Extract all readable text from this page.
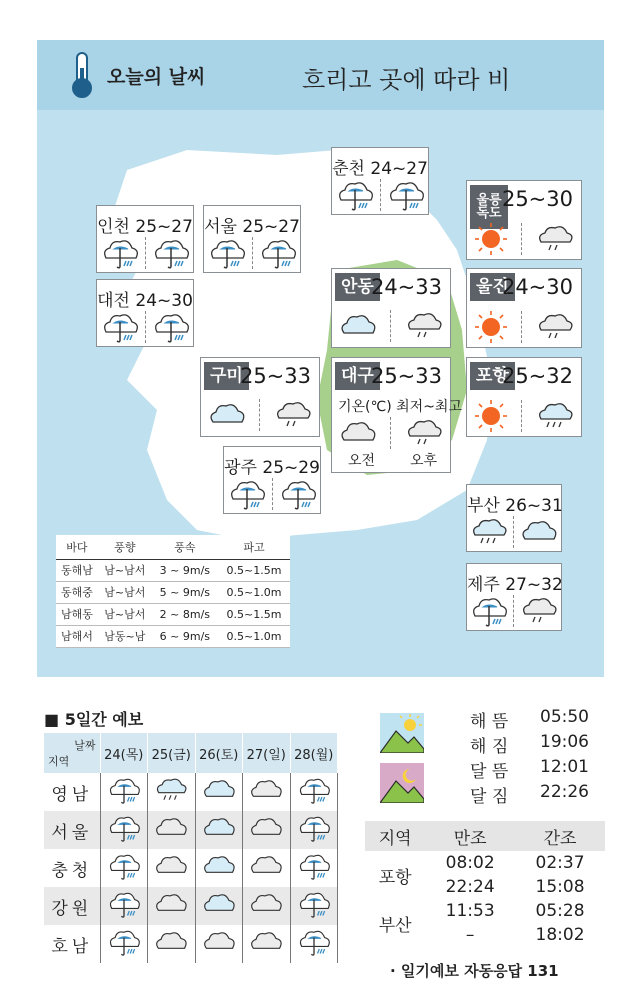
오늘의 날씨	흐리고 곳에 따라 비
춘천 24~27
인천 25~27 서울 25~27
대전 24~30
광주 25~29
부산 26~31
제주 27~32
울릉 독도
25~30
안동
24~33	울진
24~30
구미
25~33	대구
25~33
기온(℃) 최저~최고
오전 오후
포항
25~32
바다	풍향	풍속	파고
동해남	남~남서	3 ~ 9m/s	0.5~1.5m
동해중	남~남서	5 ~ 9m/s	0.5~1.0m
남해동	남~남서	2 ~ 8m/s	0.5~1.5m
남해서	남동~남	6 ~ 9m/s	0.5~1.0m
■ 5일간 예보
날짜
지역	24(목)	25(금)	26(토)	27(일)	28(월)
영남					
서울					
충청					
강원					
호남					
해 뜸 05:50
해 짐 19:06
달 뜸 12:01
달 짐 22:26
지역	만조	간조
포항	08:02	02:37
	22:24	15:08
부산	11:53	05:28
	–	18:02
· 일기예보 자동응답 131
